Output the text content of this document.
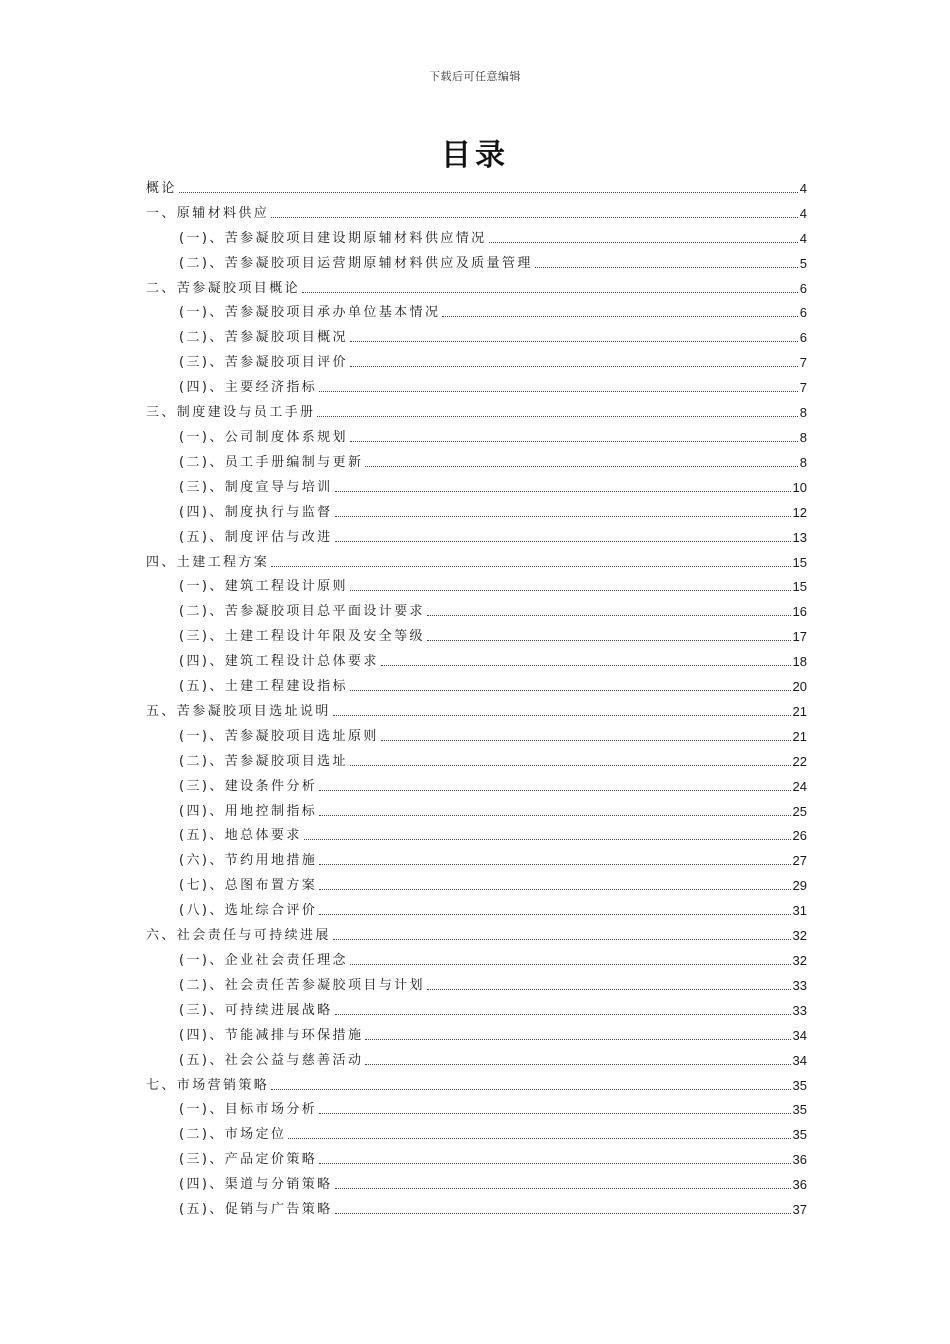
下载后可任意编辑
目录
概论	4
一、原辅材料供应	4
(一)、苦参凝胶项目建设期原辅材料供应情况	4
(二)、苦参凝胶项目运营期原辅材料供应及质量管理	5
二、苦参凝胶项目概论	6
(一)、苦参凝胶项目承办单位基本情况	6
(二)、苦参凝胶项目概况	6
(三)、苦参凝胶项目评价	7
(四)、主要经济指标	7
三、制度建设与员工手册	8
(一)、公司制度体系规划	8
(二)、员工手册编制与更新	8
(三)、制度宣导与培训	10
(四)、制度执行与监督	12
(五)、制度评估与改进	13
四、土建工程方案	15
(一)、建筑工程设计原则	15
(二)、苦参凝胶项目总平面设计要求	16
(三)、土建工程设计年限及安全等级	17
(四)、建筑工程设计总体要求	18
(五)、土建工程建设指标	20
五、苦参凝胶项目选址说明	21
(一)、苦参凝胶项目选址原则	21
(二)、苦参凝胶项目选址	22
(三)、建设条件分析	24
(四)、用地控制指标	25
(五)、地总体要求	26
(六)、节约用地措施	27
(七)、总图布置方案	29
(八)、选址综合评价	31
六、社会责任与可持续进展	32
(一)、企业社会责任理念	32
(二)、社会责任苦参凝胶项目与计划	33
(三)、可持续进展战略	33
(四)、节能减排与环保措施	34
(五)、社会公益与慈善活动	34
七、市场营销策略	35
(一)、目标市场分析	35
(二)、市场定位	35
(三)、产品定价策略	36
(四)、渠道与分销策略	36
(五)、促销与广告策略	37
